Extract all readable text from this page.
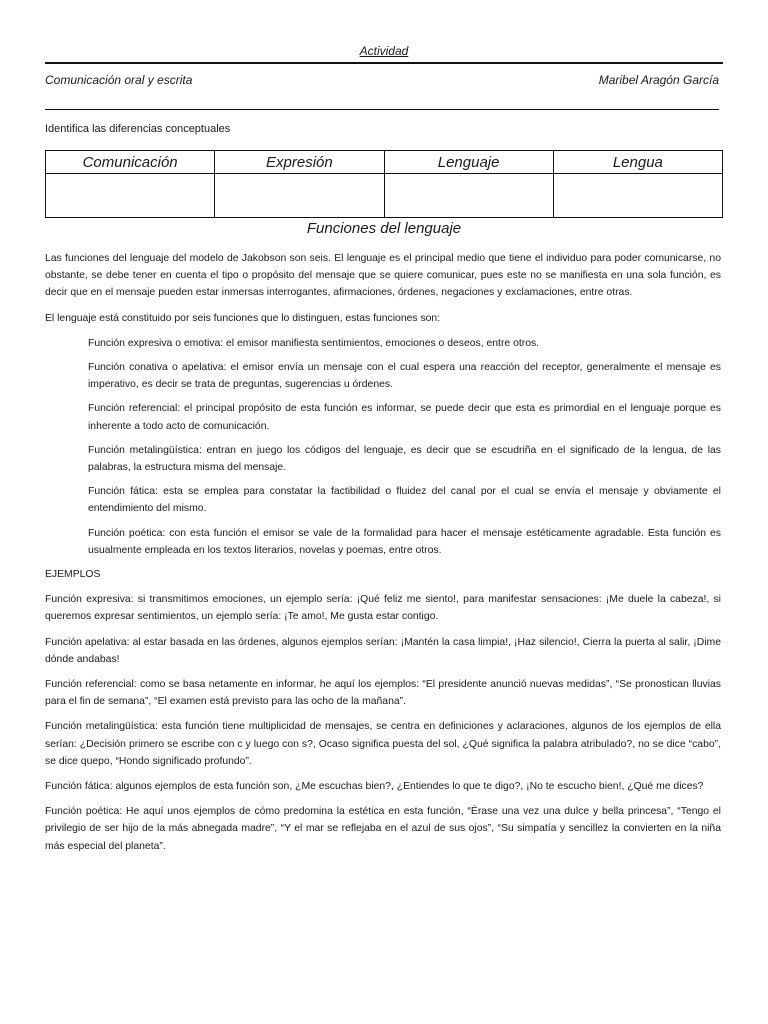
Actividad
Comunicación oral y escrita	Maribel Aragón García
Identifica las diferencias conceptuales
Comunicación	Expresión	Lenguaje	Lengua

Funciones del lenguaje

Las funciones del lenguaje del modelo de Jakobson son seis. El lenguaje es el principal medio que tiene el individuo para poder comunicarse, no obstante, se debe tener en cuenta el tipo o propósito del mensaje que se quiere comunicar, pues este no se manifiesta en una sola función, es decir que en el mensaje pueden estar inmersas interrogantes, afirmaciones, órdenes, negaciones y exclamaciones, entre otras.

El lenguaje está constituido por seis funciones que lo distinguen, estas funciones son:

Función expresiva o emotiva: el emisor manifiesta sentimientos, emociones o deseos, entre otros.

Función conativa o apelativa: el emisor envía un mensaje con el cual espera una reacción del receptor, generalmente el mensaje es imperativo, es decir se trata de preguntas, sugerencias u órdenes.

Función referencial: el principal propósito de esta función es informar, se puede decir que esta es primordial en el lenguaje porque es inherente a todo acto de comunicación.

Función metalingüística: entran en juego los códigos del lenguaje, es decir que se escudriña en el significado de la lengua, de las palabras, la estructura misma del mensaje.

Función fática: esta se emplea para constatar la factibilidad o fluidez del canal por el cual se envía el mensaje y obviamente el entendimiento del mismo.

Función poética: con esta función el emisor se vale de la formalidad para hacer el mensaje estéticamente agradable. Esta función es usualmente empleada en los textos literarios, novelas y poemas, entre otros.

EJEMPLOS

Función expresiva: si transmitimos emociones, un ejemplo sería: ¡Qué feliz me siento!, para manifestar sensaciones: ¡Me duele la cabeza!, si queremos expresar sentimientos, un ejemplo sería: ¡Te amo!, Me gusta estar contigo.

Función apelativa: al estar basada en las órdenes, algunos ejemplos serían: ¡Mantén la casa limpia!, ¡Haz silencio!, Cierra la puerta al salir, ¡Dime dónde andabas!

Función referencial: como se basa netamente en informar, he aquí los ejemplos: “El presidente anunció nuevas medidas”, “Se pronostican lluvias para el fin de semana”, “El examen está previsto para las ocho de la mañana”.

Función metalingüística: esta función tiene multiplicidad de mensajes, se centra en definiciones y aclaraciones, algunos de los ejemplos de ella serían: ¿Decisión primero se escribe con c y luego con s?, Ocaso significa puesta del sol, ¿Qué significa la palabra atribulado?, no se dice “cabo”, se dice quepo, “Hondo significado profundo”.

Función fática: algunos ejemplos de esta función son, ¿Me escuchas bien?, ¿Entiendes lo que te digo?, ¡No te escucho bien!, ¿Qué me dices?

Función poética: He aquí unos ejemplos de cómo predomina la estética en esta función, “Érase una vez una dulce y bella princesa”, “Tengo el privilegio de ser hijo de la más abnegada madre”, “Y el mar se reflejaba en el azul de sus ojos”, “Su simpatía y sencillez la convierten en la niña más especial del planeta”.
